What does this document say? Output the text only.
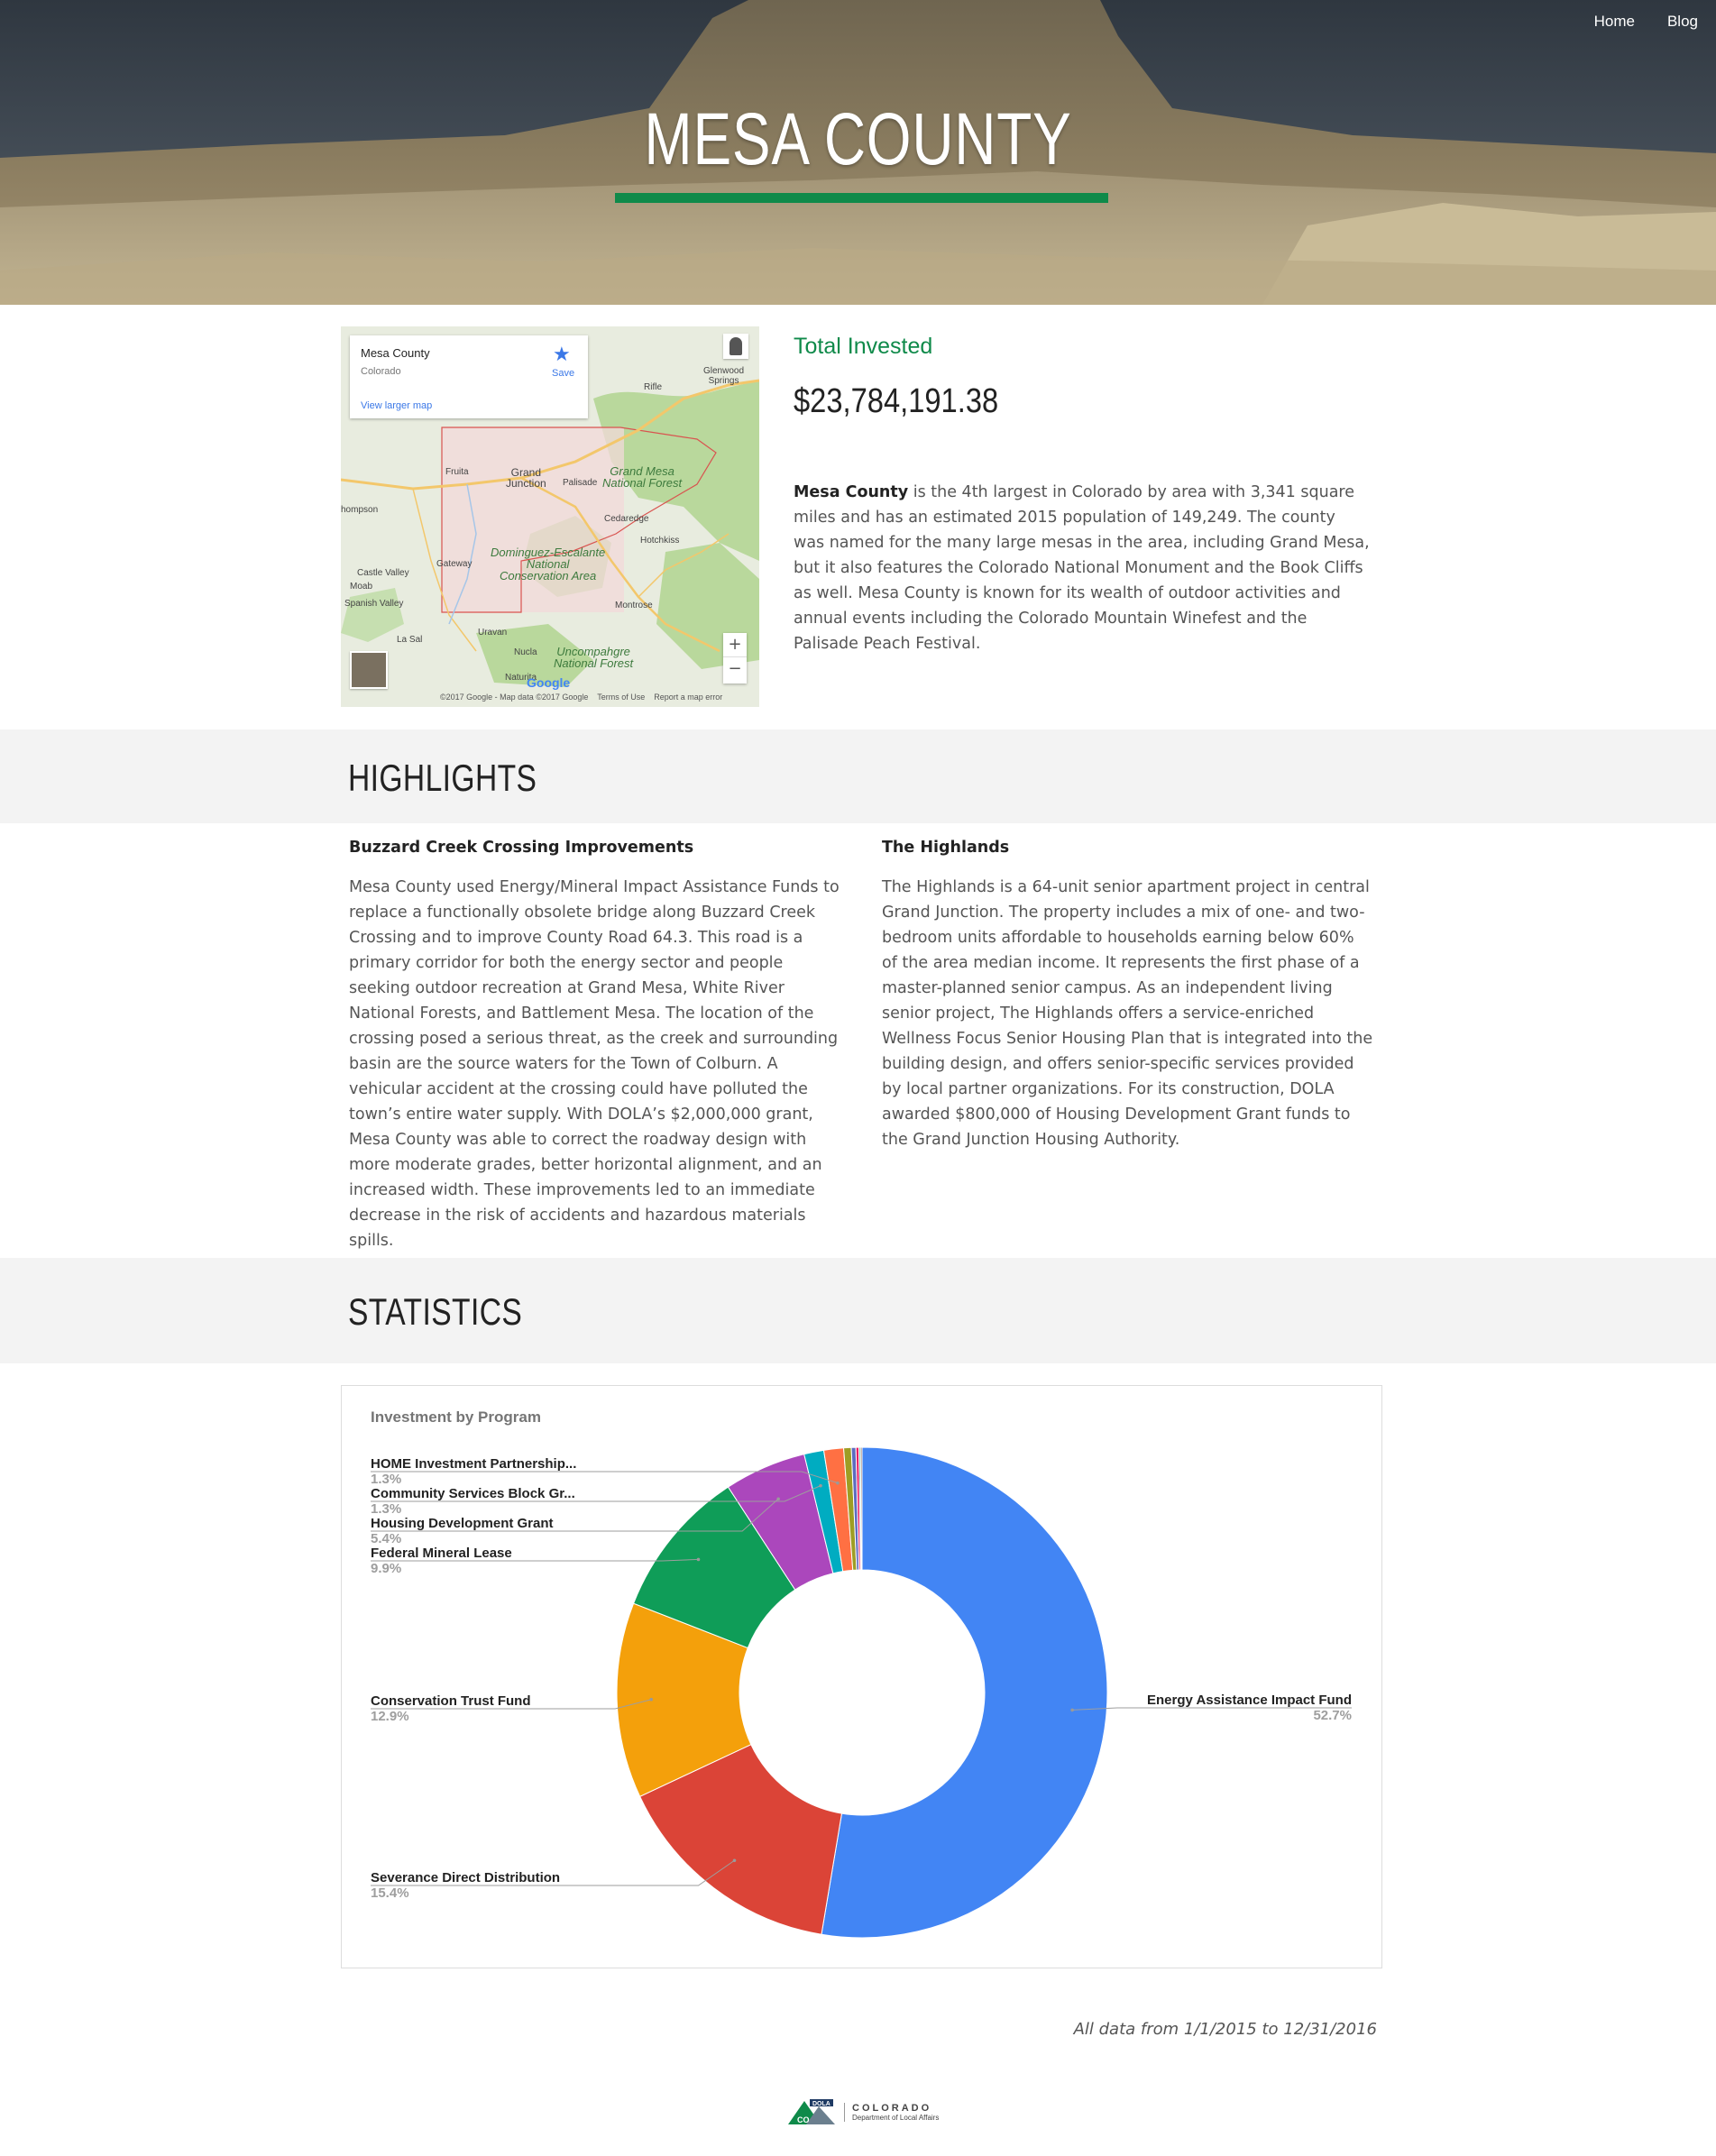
Home Blog
MESA COUNTY
Fruita	Grand
Junction Palisade
Rifle
Glenwood
Springs
Cedaredge
Hotchkiss
Gateway
Castle Valley
Moab
Spanish Valley	Montrose
Uravan
Nucla
Naturita
La Sal
hompson
Grand Mesa
National Forest
Dominguez-Escalante
National
Conservation Area
Uncompahgre
National Forest
Mesa County
Colorado
View larger map
★
Save
+
−
Google
©2017 Google - Map data ©2017 Google    Terms of Use    Report a map error
Total Invested
$23,784,191.38
Mesa County is the 4th largest in Colorado by area with 3,341 square miles and has an estimated 2015 population of 149,249. The county was named for the many large mesas in the area, including Grand Mesa, but it also features the Colorado National Monument and the Book Cliffs as well. Mesa County is known for its wealth of outdoor activities and annual events including the Colorado Mountain Winefest and the Palisade Peach Festival.
HIGHLIGHTS
Buzzard Creek Crossing Improvements
Mesa County used Energy/Mineral Impact Assistance Funds to replace a functionally obsolete bridge along Buzzard Creek Crossing and to improve County Road 64.3. This road is a primary corridor for both the energy sector and people seeking outdoor recreation at Grand Mesa, White River National Forests, and Battlement Mesa. The location of the crossing posed a serious threat, as the creek and surrounding basin are the source waters for the Town of Colburn. A vehicular accident at the crossing could have polluted the town’s entire water supply. With DOLA’s $2,000,000 grant, Mesa County was able to correct the roadway design with more moderate grades, better horizontal alignment, and an increased width. These improvements led to an immediate decrease in the risk of accidents and hazardous materials spills.
The Highlands
The Highlands is a 64-unit senior apartment project in central Grand Junction. The property includes a mix of one- and two-bedroom units affordable to households earning below 60% of the area median income. It represents the first phase of a master-planned senior campus. As an independent living senior project, The Highlands offers a service-enriched Wellness Focus Senior Housing Plan that is integrated into the building design, and offers senior-specific services provided by local partner organizations. For its construction, DOLA awarded $800,000 of Housing Development Grant funds to the Grand Junction Housing Authority.
STATISTICS
Investment by Program
Energy Assistance Impact Fund
52.7%
Severance Direct Distribution
15.4%
Conservation Trust Fund
12.9%
Federal Mineral Lease
9.9%
Housing Development Grant
5.4%
Community Services Block Gr...
1.3%
HOME Investment Partnership...
1.3%
All data from 1/1/2015 to 12/31/2016
DOLA
CO
COLORADO
Department of Local Affairs
